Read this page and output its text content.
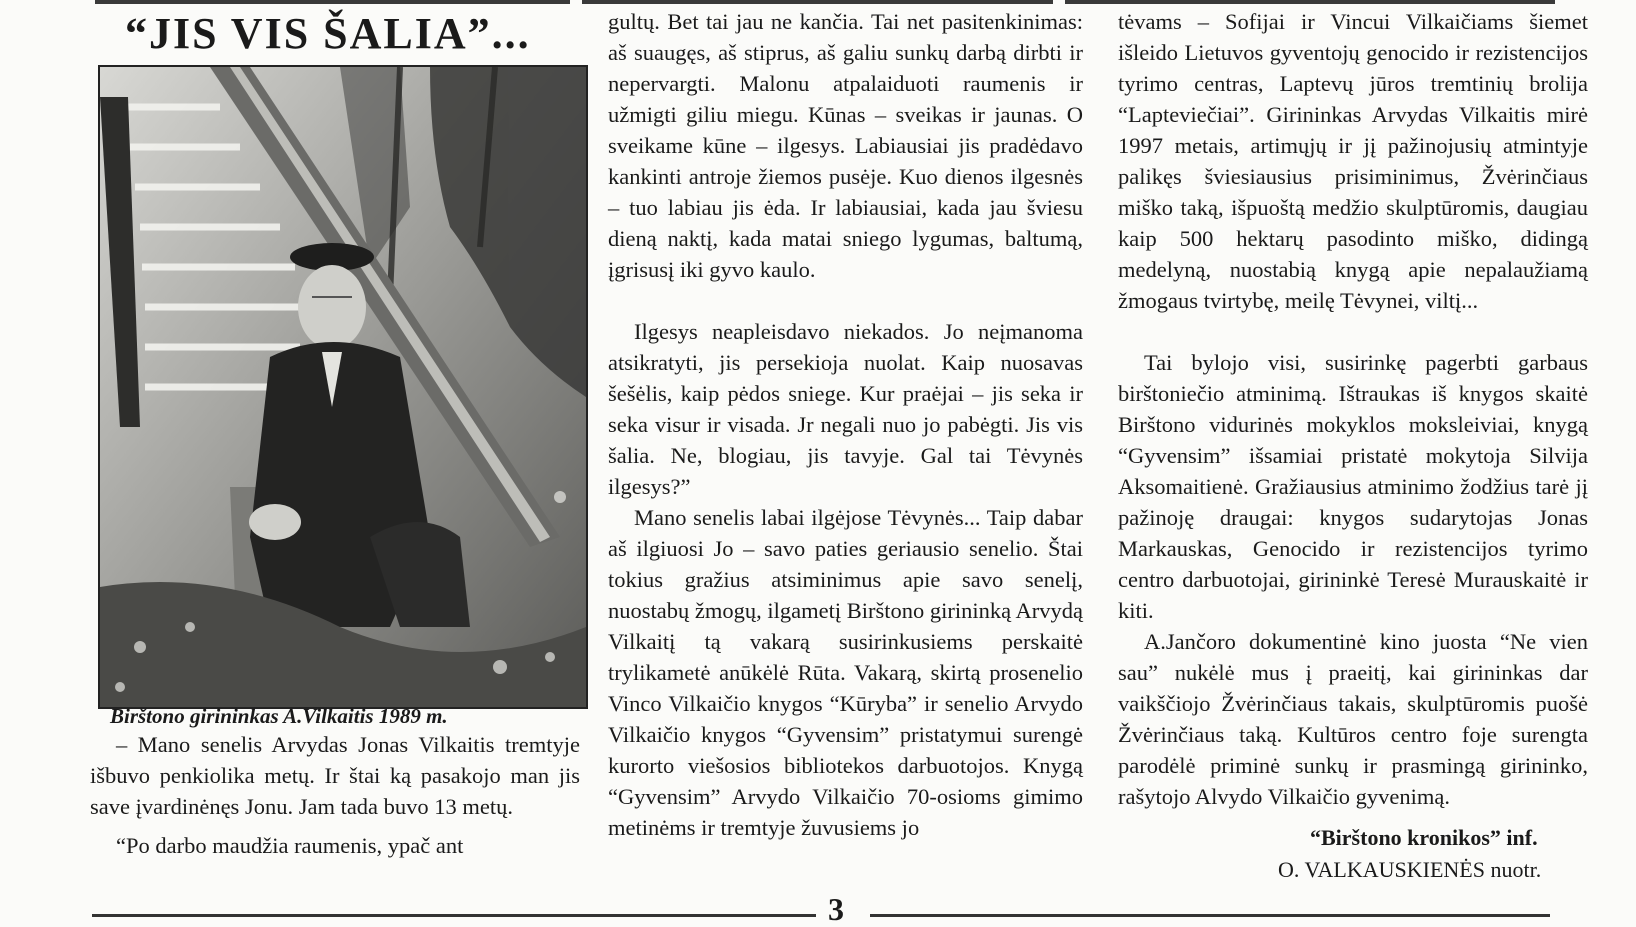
“JIS VIS ŠALIA”...
Birštono girininkas A.Vilkaitis 1989 m.

– Mano senelis Arvydas Jonas Vilkaitis tremtyje išbuvo penkiolika metų. Ir štai ką pasakojo man jis save įvardinėnęs Jonu. Jam tada buvo 13 metų.

“Po darbo maudžia raumenis, ypač ant

gultų. Bet tai jau ne kančia. Tai net pasitenkinimas: aš suaugęs, aš stiprus, aš galiu sunkų darbą dirbti ir nepervargti. Malonu atpalaiduoti raumenis ir užmigti giliu miegu. Kūnas – sveikas ir jaunas. O sveikame kūne – ilgesys. Labiausiai jis pradėdavo kankinti antroje žiemos pusėje. Kuo dienos ilgesnės – tuo labiau jis ėda. Ir labiausiai, kada jau šviesu dieną naktį, kada matai sniego lygumas, baltumą, įgrisusį iki gyvo kaulo.

Ilgesys neapleisdavo niekados. Jo neįmanoma atsikratyti, jis persekioja nuolat. Kaip nuosavas šešėlis, kaip pėdos sniege. Kur praėjai – jis seka ir seka visur ir visada. Jr negali nuo jo pabėgti. Jis vis šalia. Ne, blogiau, jis tavyje. Gal tai Tėvynės ilgesys?”

Mano senelis labai ilgėjose Tėvynės... Taip dabar aš ilgiuosi Jo – savo paties geriausio senelio. Štai tokius gražius atsiminimus apie savo senelį, nuostabų žmogų, ilgametį Birštono girininką Arvydą Vilkaitį tą vakarą susirinkusiems perskaitė trylikametė anūkėlė Rūta. Vakarą, skirtą prosenelio Vinco Vilkaičio knygos “Kūryba” ir senelio Arvydo Vilkaičio knygos “Gyvensim” pristatymui surengė kurorto viešosios bibliotekos darbuotojos. Knygą “Gyvensim” Arvydo Vilkaičio 70-osioms gimimo metinėms ir tremtyje žuvusiems jo

tėvams – Sofijai ir Vincui Vilkaičiams šiemet išleido Lietuvos gyventojų genocido ir rezistencijos tyrimo centras, Laptevų jūros tremtinių brolija “Lapteviečiai”. Girininkas Arvydas Vilkaitis mirė 1997 metais, artimųjų ir jį pažinojusių atmintyje palikęs šviesiausius prisiminimus, Žvėrinčiaus miško taką, išpuoštą medžio skulptūromis, daugiau kaip 500 hektarų pasodinto miško, didingą medelyną, nuostabią knygą apie nepalaužiamą žmogaus tvirtybę, meilę Tėvynei, viltį...

Tai bylojo visi, susirinkę pagerbti garbaus birštoniečio atminimą. Ištraukas iš knygos skaitė Birštono vidurinės mokyklos moksleiviai, knygą “Gyvensim” išsamiai pristatė mokytoja Silvija Aksomaitienė. Gražiausius atminimo žodžius tarė jį pažinoję draugai: knygos sudarytojas Jonas Markauskas, Genocido ir rezistencijos tyrimo centro darbuotojai, girininkė Teresė Murauskaitė ir kiti.

A.Jančoro dokumentinė kino juosta “Ne vien sau” nukėlė mus į praeitį, kai girininkas dar vaikščiojo Žvėrinčiaus takais, skulptūromis puošė Žvėrinčiaus taką. Kultūros centro foje surengta parodėlė priminė sunkų ir prasmingą girininko, rašytojo Alvydo Vilkaičio gyvenimą.

“Birštono kronikos” inf.
O. VALKAUSKIENĖS nuotr.
3
